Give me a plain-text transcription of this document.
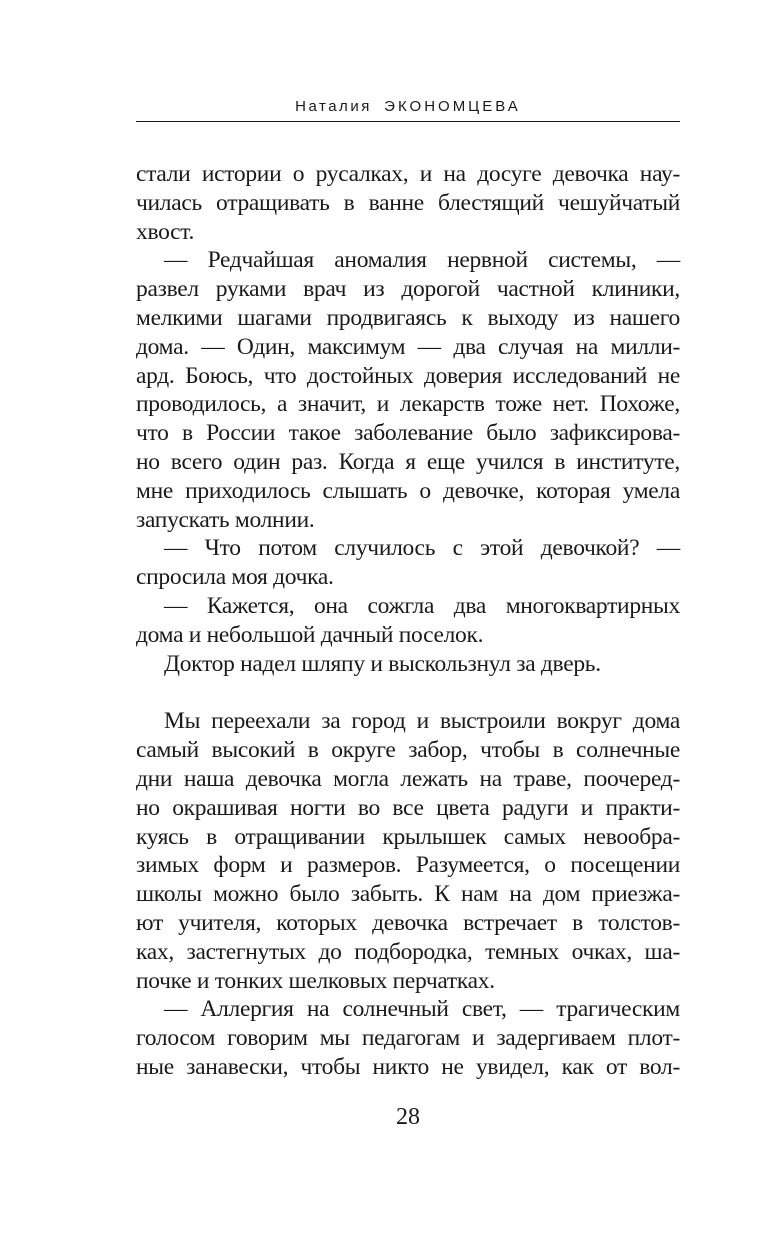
Наталия ЭКОНОМЦЕВА
стали истории о русалках, и на досуге девочка нау-
чилась отращивать в ванне блестящий чешуйчатый
хвост.
— Редчайшая аномалия нервной системы, —
развел руками врач из дорогой частной клиники,
мелкими шагами продвигаясь к выходу из нашего
дома. — Один, максимум — два случая на милли-
ард. Боюсь, что достойных доверия исследований не
проводилось, а значит, и лекарств тоже нет. Похоже,
что в России такое заболевание было зафиксирова-
но всего один раз. Когда я еще учился в институте,
мне приходилось слышать о девочке, которая умела
запускать молнии.
— Что потом случилось с этой девочкой? —
спросила моя дочка.
— Кажется, она сожгла два многоквартирных
дома и небольшой дачный поселок.
Доктор надел шляпу и выскользнул за дверь.
Мы переехали за город и выстроили вокруг дома
самый высокий в округе забор, чтобы в солнечные
дни наша девочка могла лежать на траве, поочеред-
но окрашивая ногти во все цвета радуги и практи-
куясь в отращивании крылышек самых невообра-
зимых форм и размеров. Разумеется, о посещении
школы можно было забыть. К нам на дом приезжа-
ют учителя, которых девочка встречает в толстов-
ках, застегнутых до подбородка, темных очках, ша-
почке и тонких шелковых перчатках.
— Аллергия на солнечный свет, — трагическим
голосом говорим мы педагогам и задергиваем плот-
ные занавески, чтобы никто не увидел, как от вол-
28
